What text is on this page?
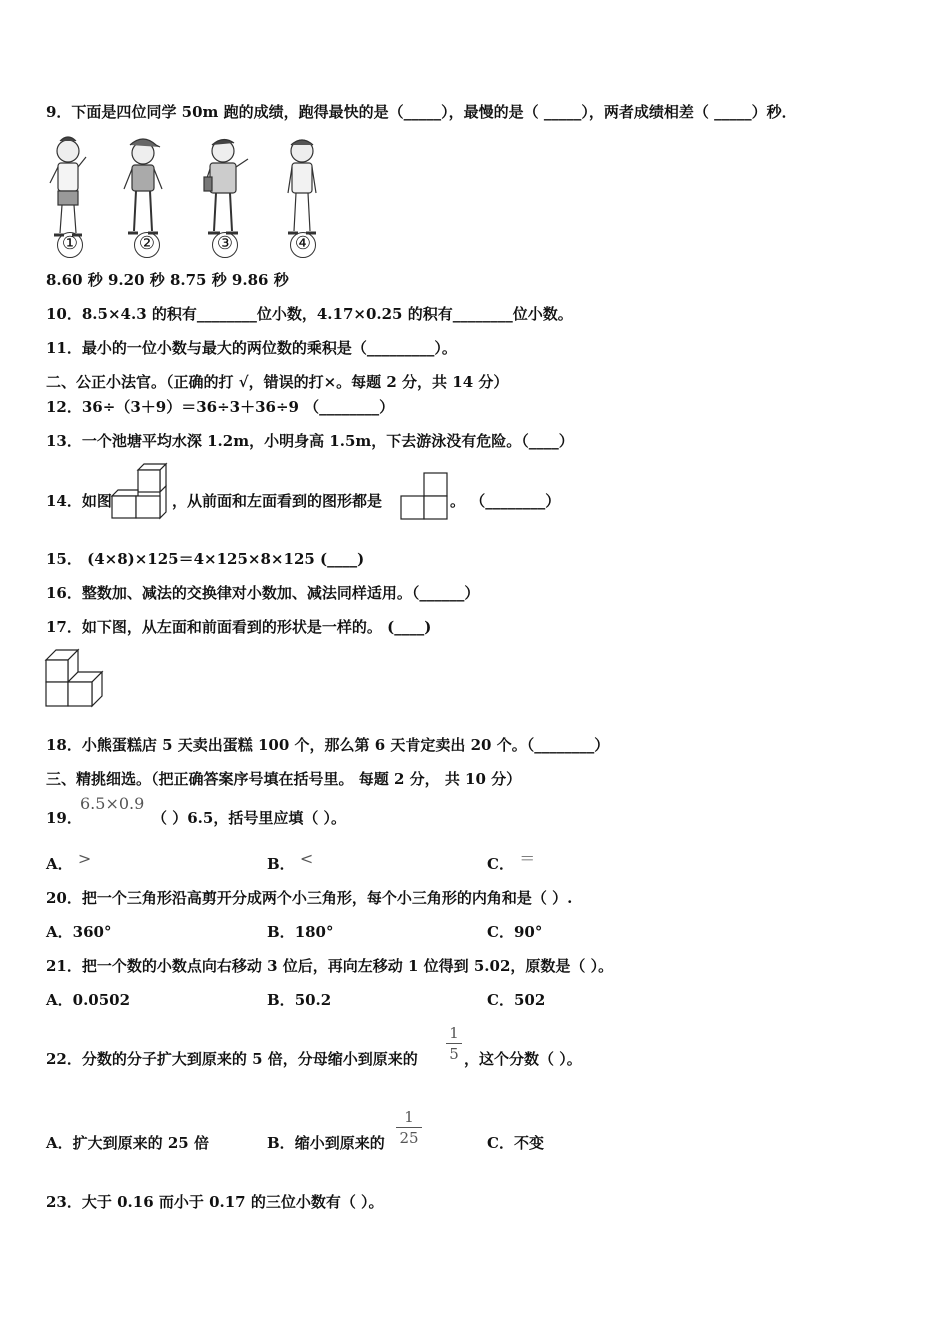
9．下面是四位同学 50m 跑的成绩，跑得最快的是（_____），最慢的是（ _____），两者成绩相差（ _____）秒．
①	②	③	④
8.60 秒 9.20 秒 8.75 秒 9.86 秒
10．8.5×4.3 的积有________位小数，4.17×0.25 的积有________位小数。
11．最小的一位小数与最大的两位数的乘积是（_________）。
二、公正小法官。（正确的打 √，错误的打×。每题 2 分，共 14 分）
12．36÷（3＋9）＝36÷3＋36÷9 （________）
13．一个池塘平均水深 1.2m，小明身高 1.5m，下去游泳没有危险。（____）
14．如图	，从前面和左面看到的图形都是	。 （________）
15． (4×8)×125＝4×125×8×125 (____)
16．整数加、减法的交换律对小数加、减法同样适用。（______）
17．如下图，从左面和前面看到的形状是一样的。 (____)
18．小熊蛋糕店 5 天卖出蛋糕 100 个，那么第 6 天肯定卖出 20 个。（________）
三、精挑细选。（把正确答案序号填在括号里。 每题 2 分， 共 10 分）
19．
6.5×0.9
（ ）6.5，括号里应填（ ）。
A． >	B． <	C． ＝
20．把一个三角形沿高剪开分成两个小三角形，每个小三角形的内角和是（ ）.
A．360°	B．180°	C．90°
21．把一个数的小数点向右移动 3 位后，再向左移动 1 位得到 5.02，原数是（ ）。
A．0.0502	B．50.2	C．502
22．分数的分子扩大到原来的 5 倍，分母缩小到原来的
1
5 ，这个分数（ ）。
A．扩大到原来的 25 倍	B．缩小到原来的
1
25	C．不变
23．大于 0.16 而小于 0.17 的三位小数有（ ）。
